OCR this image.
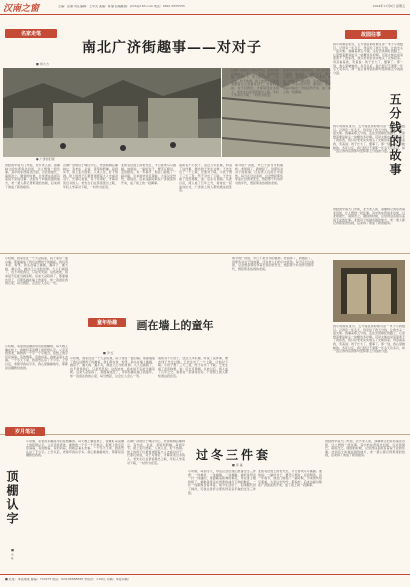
汉南之窗	主编：张瑜 责任编辑：王华灵 美编：陈瑜 投稿邮箱：ybrb@163.com 电话：0891-5555555	2024年11月8日 星期五
名家走笔
南北广济街趣事——对对子
■ 刘大力
● 广济街旧貌
曾经的中南大门外街，北方老人街，商铺林立的东西南北四街，让人想到一段往事。其中的东西南北四街，以北街最长，南街次之。刚到的时候，总觉得这条街有着说不完的往事。北街有个叫做戏园的地方，老一辈人都记得那里的热闹，后来拆了建成了新的楼房。
古城广济街位于城区中心，老街两侧店铺林立，有布庄、杂货、茶馆和药铺。每到年节，街上张灯结彩，人来人往，好不热闹。街上的孩子们最喜欢跟着大人去看对对子，长辈们常说，对子对得好，才算是读过书的人。老先生们在茶馆里出上联，年轻人争着对下联，一时传为佳话。
北街有位姓王的老先生，平日喜欢写写画画。他常说：一副好对子，要平仄相对，意思相连。有一年春节，他在门前贴了一副对联，引来街坊驻足观看，大家议论纷纷，都说好。后来这副对联在广济街流传开来，成了街上的一段趣事。
南街有个小伙子，读过几年私塾，听说了这件事，便去找王先生讨教。王先生出了一个上联，让他对下联。小伙子想了三天三夜，终于对出了下联。王先生看了连连称赞，说：后生可畏啊。从此以后，两人成了忘年之交，常常在一起谈诗论对，广济街上的人都知道这段佳话。
如今的广济街，早已不是当年的模样。老街拆了，新楼起了，但那些对对子的故事，还在老人们的口中流传。每当走过这条街，总会想起那些穿着长衫的老先生，想起那个吟诗作对的年代，想起那条热闹的老街。
古城广济街位于城区中心，老街两侧店铺林立，有布庄、杂货、茶馆和药铺。每到年节，街上张灯结彩，人来人往，好不热闹。街上的孩子们最喜欢跟着大人去看对对子，长辈们常说，对子对得好，才算是读过书的人。老先生们在茶馆里出上联，年轻人争着对下联，一时传为佳话。
北街有位姓王的老先生，平日喜欢写写画画。他常说：一副好对子，要平仄相对，意思相连。有一年春节，他在门前贴了一副对联，引来街坊驻足观看，大家议论纷纷，都说好。后来这副对联在广济街流传开来，成了街上的一段趣事。
故园往事
我小时候家里穷，五分钱在那时候可是一笔不小的数目。记得有一年冬天，母亲给了我五分钱，让我去买一盒火柴。我攥着那五分钱，走在去供销社的路上，心里想着要是能买一块糖该多好啊。可是火柴也是家里离不了的东西，我只好老老实实地买了火柴回家。母亲看着我，笑着说：孩子长大了，懂事了。那一刻，我心里暖暖的。多年以后，我已经记不清那一年冬天有多冷，却一直记得母亲的那句话和那五分钱的分量。
五分钱的故事
我小时候家里穷，五分钱在那时候可是一笔不小的数目。记得有一年冬天，母亲给了我五分钱，让我去买一盒火柴。我攥着那五分钱，走在去供销社的路上，心里想着要是能买一块糖该多好啊。可是火柴也是家里离不了的东西，我只好老老实实地买了火柴回家。母亲看着我，笑着说：孩子长大了，懂事了。那一刻，我心里暖暖的。多年以后，我已经记不清那一年冬天有多冷，却一直记得母亲的那句话和那五分钱的分量。
曾经的中南大门外街，北方老人街，商铺林立的东西南北四街，让人想到一段往事。其中的东西南北四街，以北街最长，南街次之。刚到的时候，总觉得这条街有着说不完的往事。北街有个叫做戏园的地方，老一辈人都记得那里的热闹，后来拆了建成了新的楼房。
小时候，我家住在一个大杂院里，院子里有一面白墙。那面墙成了我们这群孩子的画板。我们用木炭、粉笔、砖头在墙上画画，画房子、画大树、画小鸟，画自己心中的世界。大人们看到了，也不责怪我们，只是笑笑说：这些娃娃，将来说不定能当画家呢。后来大杂院拆了，那面墙也没了，可那些画在墙上的童年，却一直留在我的心里，每当想起，总会让人会心一笑。
童年拾趣	画在墙上的童年
■ 尹 红
小时候，我家住在一个大杂院里，院子里有一面白墙。那面墙成了我们这群孩子的画板。我们用木炭、粉笔、砖头在墙上画画，画房子、画大树、画小鸟，画自己心中的世界。大人们看到了，也不责怪我们，只是笑笑说：这些娃娃，将来说不定能当画家呢。后来大杂院拆了，那面墙也没了，可那些画在墙上的童年，却一直留在我的心里，每当想起，总会让人会心一笑。
南街有个小伙子，读过几年私塾，听说了这件事，便去找王先生讨教。王先生出了一个上联，让他对下联。小伙子想了三天三夜，终于对出了下联。王先生看了连连称赞，说：后生可畏啊。从此以后，两人成了忘年之交，常常在一起谈诗论对，广济街上的人都知道这段佳话。
如今的广济街，早已不是当年的模样。老街拆了，新楼起了，但那些对对子的故事，还在老人们的口中流传。每当走过这条街，总会想起那些穿着长衫的老先生，想起那个吟诗作对的年代，想起那条热闹的老街。
我小时候家里穷，五分钱在那时候可是一笔不小的数目。记得有一年冬天，母亲给了我五分钱，让我去买一盒火柴。我攥着那五分钱，走在去供销社的路上，心里想着要是能买一块糖该多好啊。可是火柴也是家里离不了的东西，我只好老老实实地买了火柴回家。母亲看着我，笑着说：孩子长大了，懂事了。那一刻，我心里暖暖的。多年以后，我已经记不清那一年冬天有多冷，却一直记得母亲的那句话和那五分钱的分量。
岁月笔记
小时候，家里的顶棚是用旧报纸糊的。每天晚上躺在炕上，我就盯着顶棚上的报纸认字。父亲见我喜欢，就教我一个字一个字地念。报纸上的字密密麻麻，有的倒着，有的斜着，我就歪着头去看。一个冬天下来，我竟然认识了不少字。上学以后，老师夸我识字多，我心里偷偷地乐，那都是顶棚教给我的。
顶棚认字
■ 小 叶
小时候，家里的顶棚是用旧报纸糊的。每天晚上躺在炕上，我就盯着顶棚上的报纸认字。父亲见我喜欢，就教我一个字一个字地念。报纸上的字密密麻麻，有的倒着，有的斜着，我就歪着头去看。一个冬天下来，我竟然认识了不少字。上学以后，老师夸我识字多，我心里偷偷地乐，那都是顶棚教给我的。
古城广济街位于城区中心，老街两侧店铺林立，有布庄、杂货、茶馆和药铺。每到年节，街上张灯结彩，人来人往，好不热闹。街上的孩子们最喜欢跟着大人去看对对子，长辈们常说，对子对得好，才算是读过书的人。老先生们在茶馆里出上联，年轻人争着对下联，一时传为佳话。
过冬三件套
■ 李 淼
小时候，每到冬天，母亲总会给我们准备过冬三件套：一件棉袄、一条棉裤、一双棉鞋。棉袄是母亲一针一线缝的，里面絮着新弹的棉花，穿在身上暖和极了。棉鞋是母亲在昏黄的油灯下纳的鞋底，一针一线都饱含着母爱。如今生活好了，羽绒服代替了棉袄，可我总是怀念那些母亲亲手做的过冬三件套。
北街有位姓王的老先生，平日喜欢写写画画。他常说：一副好对子，要平仄相对，意思相连。有一年春节，他在门前贴了一副对联，引来街坊驻足观看，大家议论纷纷，都说好。后来这副对联在广济街流传开来，成了街上的一段趣事。
曾经的中南大门外街，北方老人街，商铺林立的东西南北四街，让人想到一段往事。其中的东西南北四街，以北街最长，南街次之。刚到的时候，总觉得这条街有着说不完的往事。北街有个叫做戏园的地方，老一辈人都记得那里的热闹，后来拆了建成了新的楼房。
■ 社址：本报地址 邮编：710075 电话：029-88888888 零售价：1.00元 印刷：本报印刷厂
